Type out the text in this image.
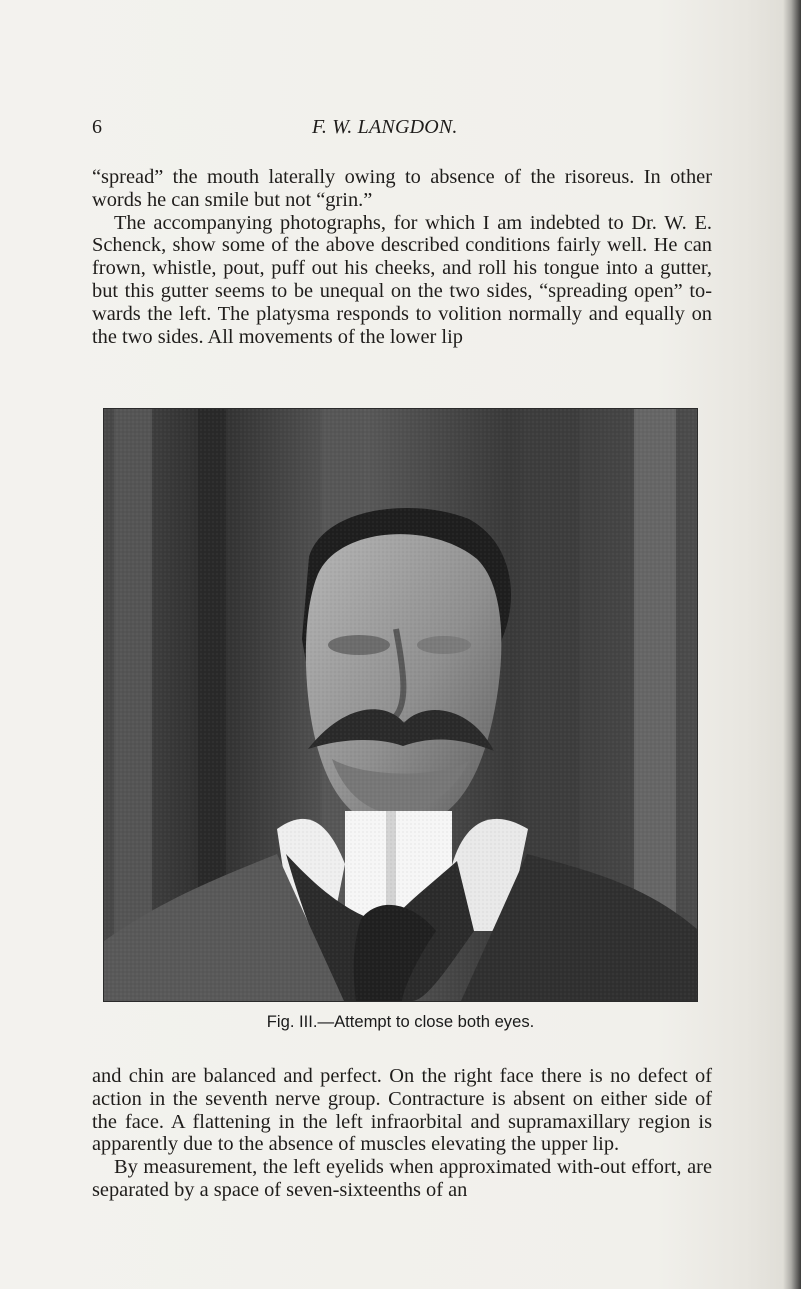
6	F. W. LANGDON.

“spread” the mouth laterally owing to absence of the risoreus. In other words he can smile but not “grin.”

The accompanying photographs, for which I am indebted to Dr. W. E. Schenck, show some of the above described conditions fairly well. He can frown, whistle, pout, puff out his cheeks, and roll his tongue into a gutter, but this gutter seems to be unequal on the two sides, “spreading open” to-wards the left. The platysma responds to volition normally and equally on the two sides. All movements of the lower lip

Fig. III.—Attempt to close both eyes.

and chin are balanced and perfect. On the right face there is no defect of action in the seventh nerve group. Contracture is absent on either side of the face. A flattening in the left infraorbital and supramaxillary region is apparently due to the absence of muscles elevating the upper lip.

By measurement, the left eyelids when approximated with-out effort, are separated by a space of seven-sixteenths of an
